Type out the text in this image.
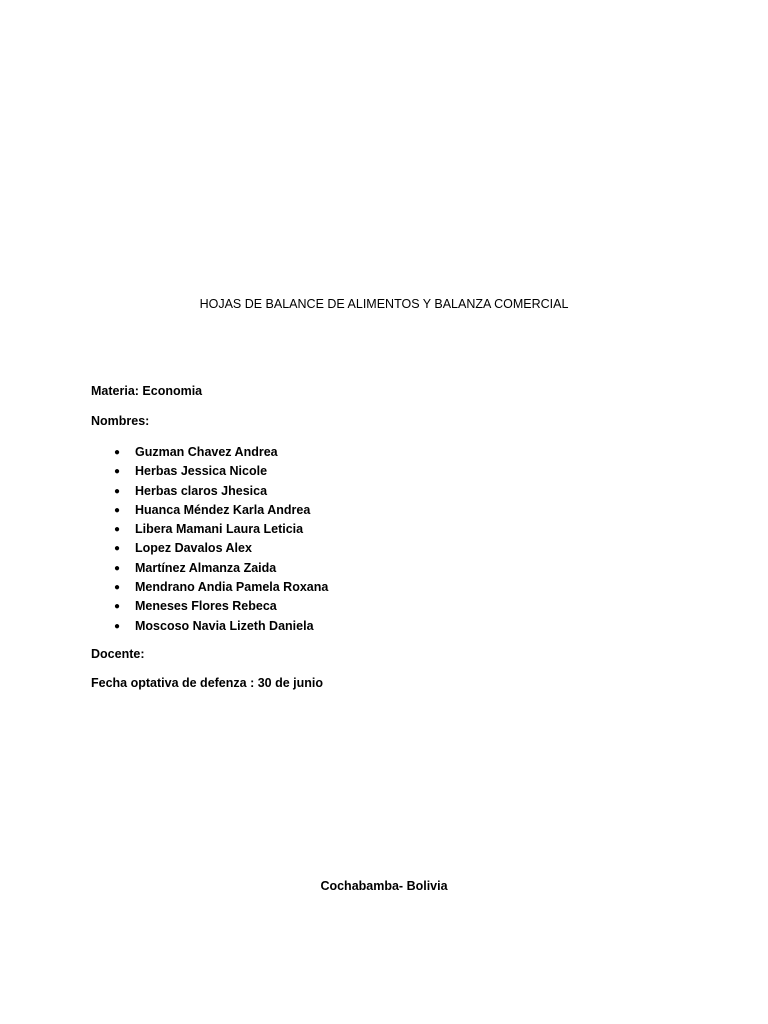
HOJAS DE BALANCE DE ALIMENTOS Y BALANZA COMERCIAL
Materia: Economia
Nombres:
● Guzman Chavez Andrea
● Herbas Jessica Nicole
● Herbas claros Jhesica
● Huanca Méndez Karla Andrea
● Libera Mamani Laura Leticia
● Lopez Davalos Alex
● Martínez Almanza Zaida
● Mendrano Andia Pamela Roxana
● Meneses Flores Rebeca
● Moscoso Navia Lizeth Daniela
Docente:
Fecha optativa de defenza : 30 de junio
Cochabamba- Bolivia
